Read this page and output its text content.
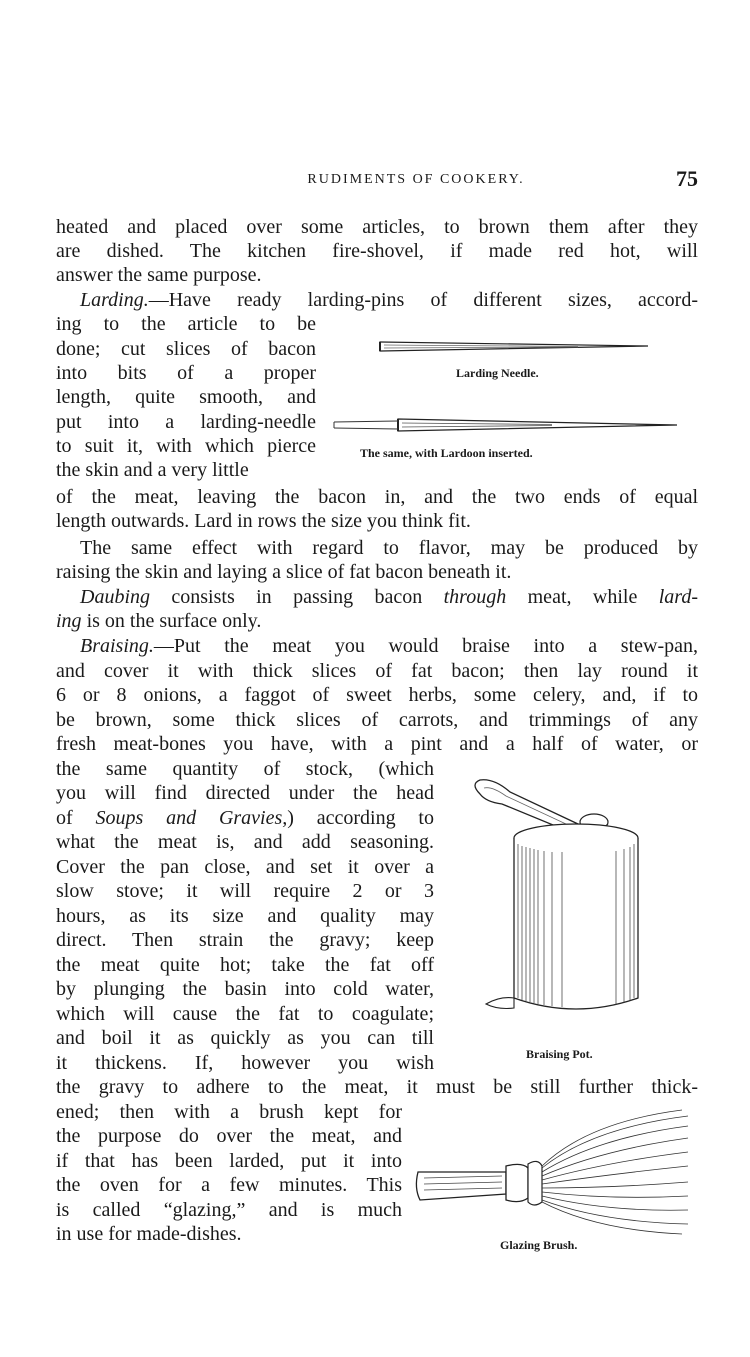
RUDIMENTS OF COOKERY.	75
heated and placed over some articles, to brown them after they
are dished. The kitchen fire-shovel, if made red hot, will
answer the same purpose.
Larding.—Have ready larding-pins of different sizes, accord-
ing to the article to be
done; cut slices of bacon
into bits of a proper
length, quite smooth, and
put into a larding-needle
to suit it, with which pierce
the skin and a very little
Larding Needle.
The same, with Lardoon inserted.
of the meat, leaving the bacon in, and the two ends of equal
length outwards. Lard in rows the size you think fit.
The same effect with regard to flavor, may be produced by
raising the skin and laying a slice of fat bacon beneath it.
Daubing consists in passing bacon through meat, while lard-
ing is on the surface only.
Braising.—Put the meat you would braise into a stew-pan,
and cover it with thick slices of fat bacon; then lay round it
6 or 8 onions, a faggot of sweet herbs, some celery, and, if to
be brown, some thick slices of carrots, and trimmings of any
fresh meat-bones you have, with a pint and a half of water, or
the same quantity of stock, (which
you will find directed under the head
of Soups and Gravies,) according to
what the meat is, and add seasoning.
Cover the pan close, and set it over a
slow stove; it will require 2 or 3
hours, as its size and quality may
direct. Then strain the gravy; keep
the meat quite hot; take the fat off
by plunging the basin into cold water,
which will cause the fat to coagulate;
and boil it as quickly as you can till
it thickens. If, however you wish	Braising Pot.
the gravy to adhere to the meat, it must be still further thick-
ened; then with a brush kept for
the purpose do over the meat, and
if that has been larded, put it into
the oven for a few minutes. This
is called “glazing,” and is much
in use for made-dishes.	Glazing Brush.
